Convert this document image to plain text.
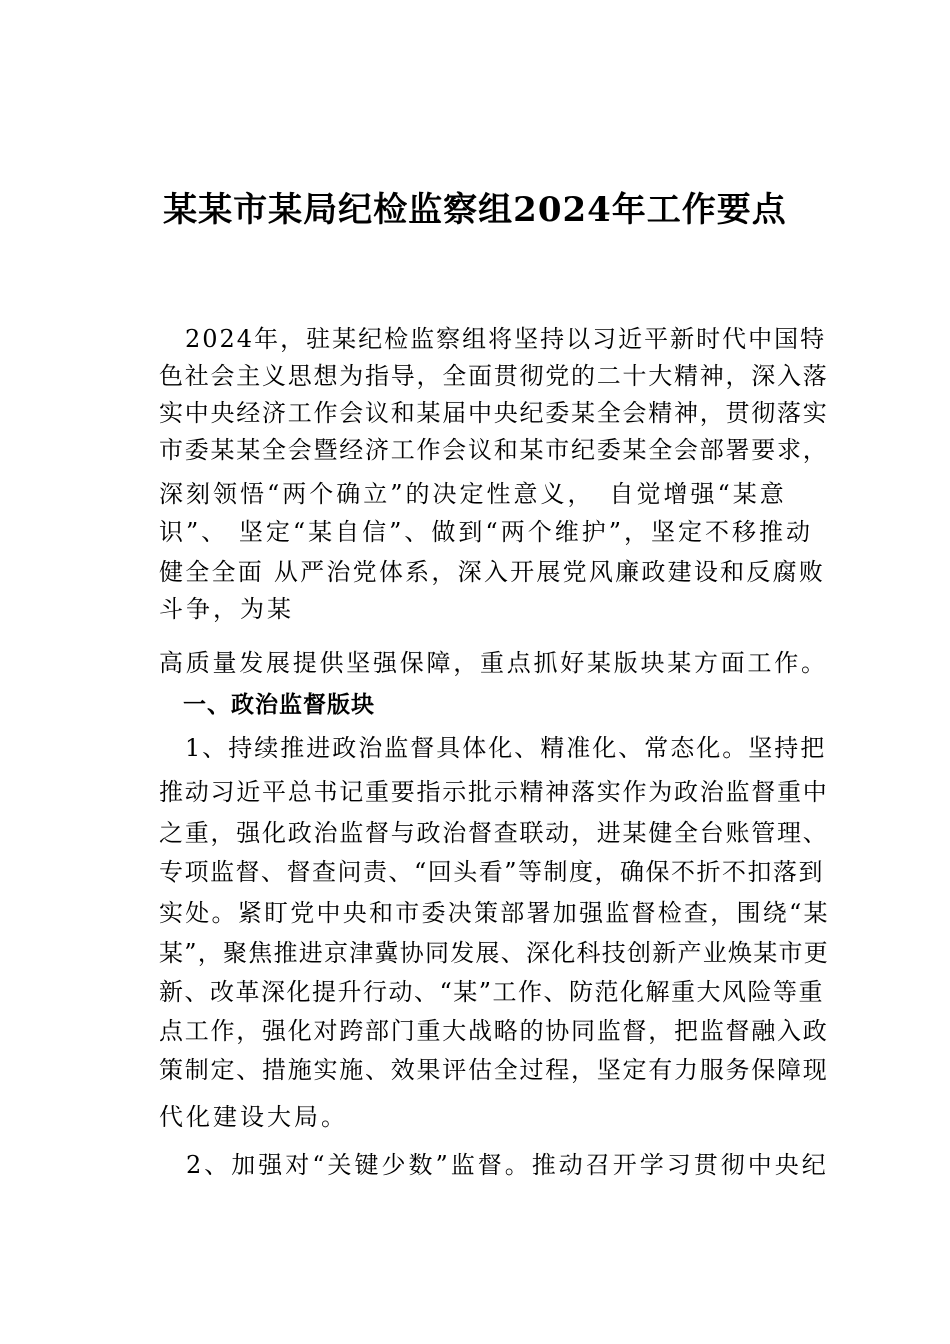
某某市某局纪检监察组2024年工作要点
　2024年，驻某纪检监察组将坚持以习近平新时代中国特
色社会主义思想为指导，全面贯彻党的二十大精神，深入落
实中央经济工作会议和某届中央纪委某全会精神，贯彻落实
市委某某全会暨经济工作会议和某市纪委某全会部署要求，
深刻领悟“两个确立”的决定性意义，　自觉增强“某意
识”、 坚定“某自信”、做到“两个维护”，坚定不移推动
健全全面 从严治党体系，深入开展党风廉政建设和反腐败
斗争，为某
高质量发展提供坚强保障，重点抓好某版块某方面工作。
　一、政治监督版块
　1、持续推进政治监督具体化、精准化、常态化。坚持把
推动习近平总书记重要指示批示精神落实作为政治监督重中
之重，强化政治监督与政治督查联动，进某健全台账管理、
专项监督、督查问责、“回头看”等制度，确保不折不扣落到
实处。紧盯党中央和市委决策部署加强监督检查，围绕“某
某”，聚焦推进京津冀协同发展、深化科技创新产业焕某市更
新、改革深化提升行动、“某”工作、防范化解重大风险等重
点工作，强化对跨部门重大战略的协同监督，把监督融入政
策制定、措施实施、效果评估全过程，坚定有力服务保障现
代化建设大局。
　2、加强对“关键少数”监督。推动召开学习贯彻中央纪
